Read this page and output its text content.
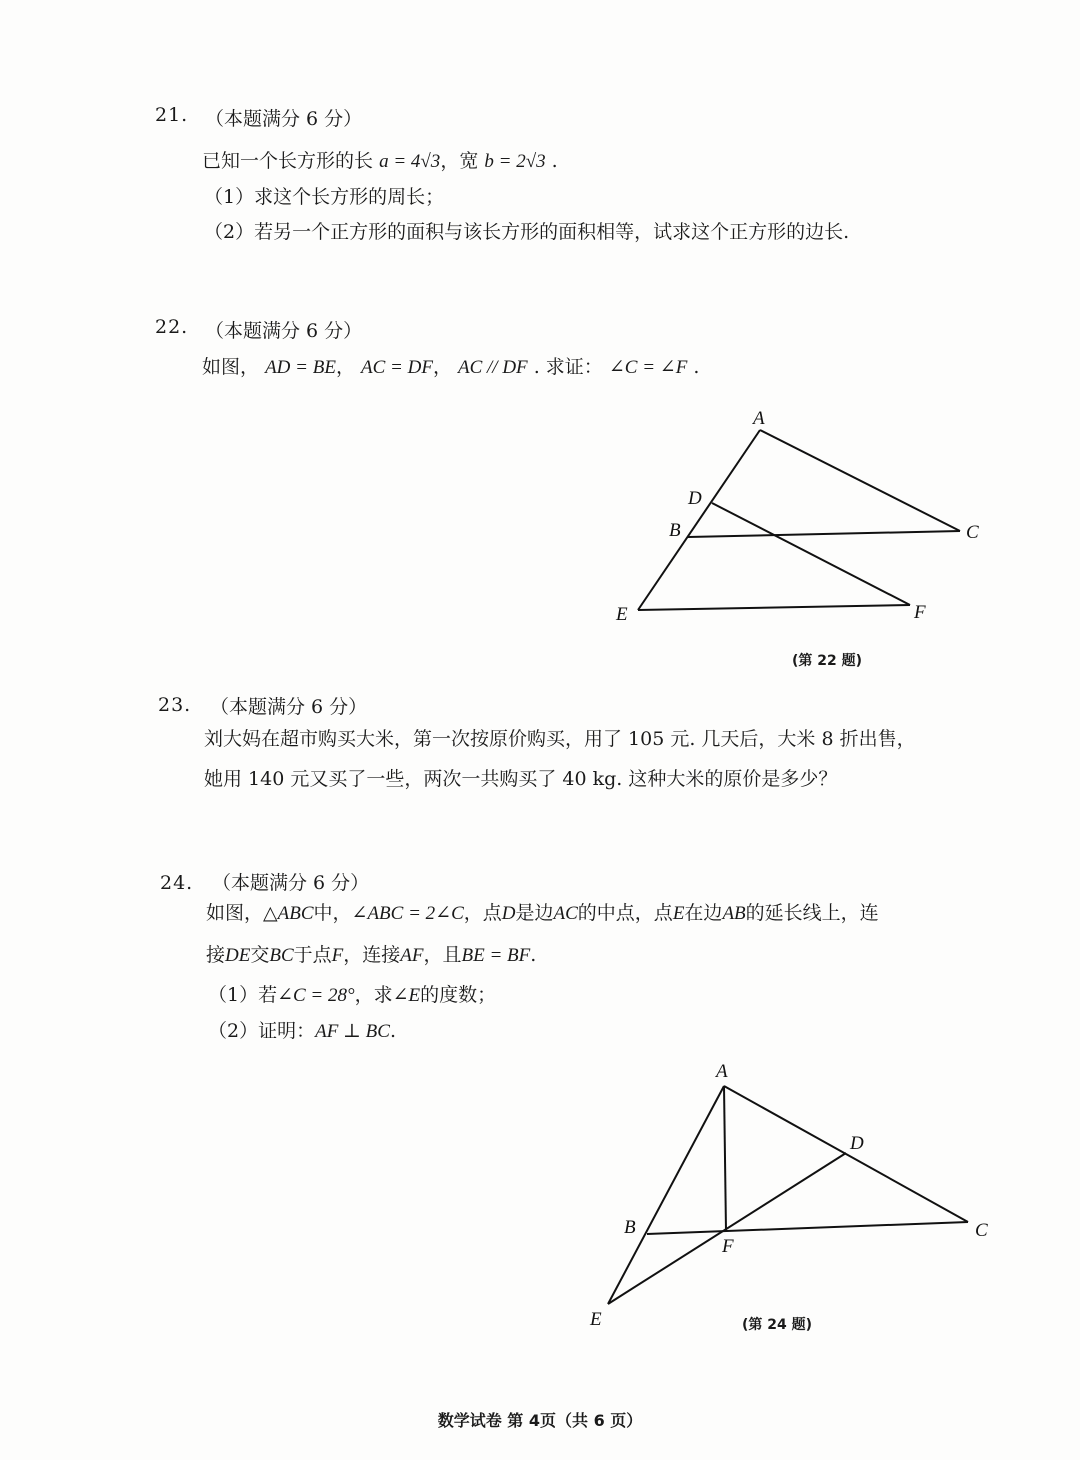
21. （本题满分 6 分）
已知一个长方形的长 a = 4√3，宽 b = 2√3 .
（1）求这个长方形的周长；
（2）若另一个正方形的面积与该长方形的面积相等，试求这个正方形的边长.
22. （本题满分 6 分）
如图， AD = BE， AC = DF， AC // DF . 求证： ∠C = ∠F .
A
D
B	C
E	F
(第 22 题)
23. （本题满分 6 分）
刘大妈在超市购买大米，第一次按原价购买，用了 105 元. 几天后，大米 8 折出售，
她用 140 元又买了一些，两次一共购买了 40 kg. 这种大米的原价是多少？
24. （本题满分 6 分）
如图，△ABC中，∠ABC = 2∠C，点D是边AC的中点，点E在边AB的延长线上，连
接DE交BC于点F，连接AF，且BE = BF.
（1）若∠C = 28°，求∠E的度数；
（2）证明：AF ⊥ BC.
A
D
B	C
F
E	(第 24 题)
数学试卷 第 4页（共 6 页）
